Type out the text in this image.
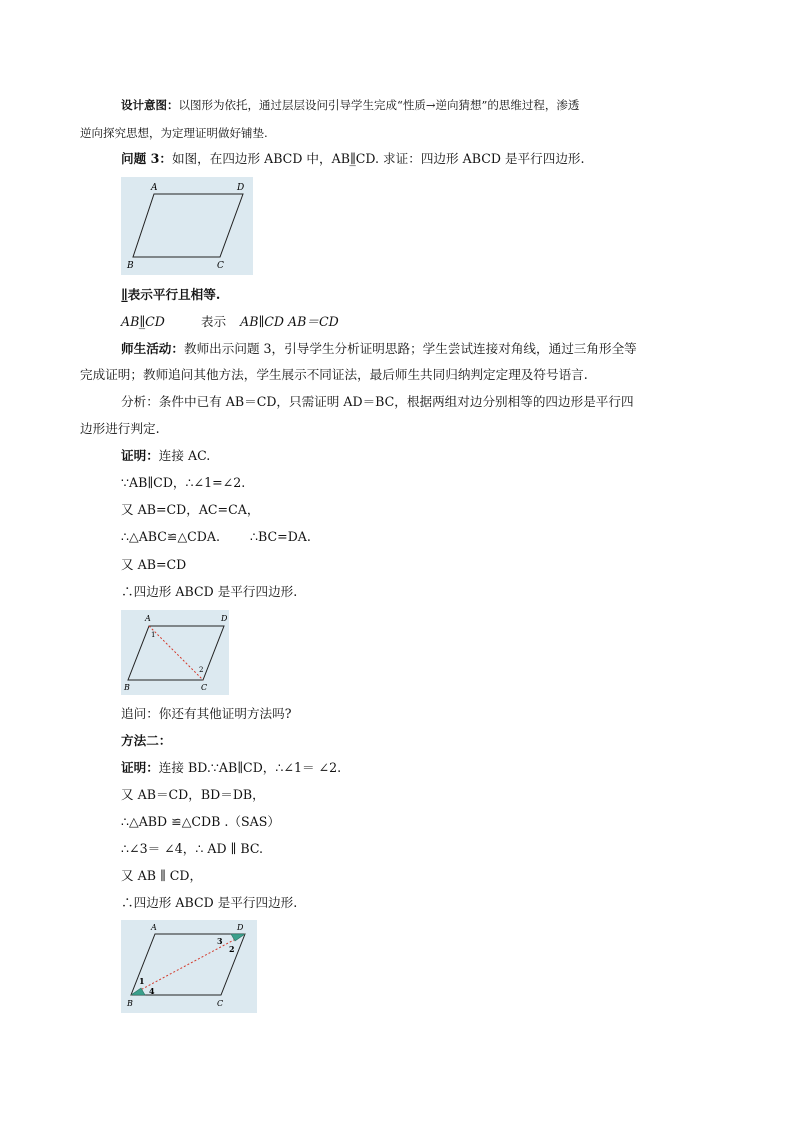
设计意图：以图形为依托，通过层层设问引导学生完成“性质→逆向猜想”的思维过程，渗透
逆向探究思想，为定理证明做好铺垫.
问题 3：如图，在四边形 ABCD 中，AB∥̲CD. 求证：四边形 ABCD 是平行四边形.
A	D
B	C
∥̲表示平行且相等.
AB∥̲CD	表示 AB∥CD AB＝CD
师生活动：教师出示问题 3，引导学生分析证明思路；学生尝试连接对角线，通过三角形全等
完成证明；教师追问其他方法，学生展示不同证法，最后师生共同归纳判定定理及符号语言.
分析：条件中已有 AB＝CD，只需证明 AD＝BC，根据两组对边分别相等的四边形是平行四
边形进行判定.
证明：连接 AC.
∵AB∥CD，∴∠1=∠2.
又 AB=CD，AC=CA，
∴△ABC≌△CDA. ∴BC=DA.
又 AB=CD
∴四边形 ABCD 是平行四边形.
A	D
B	C
1
2
追问：你还有其他证明方法吗?
方法二：
证明：连接 BD.∵AB∥CD，∴∠1＝ ∠2.
又 AB＝CD，BD＝DB，
∴△ABD ≌△CDB .（SAS）
∴∠3＝ ∠4，∴ AD ∥ BC.
又 AB ∥ CD，
∴四边形 ABCD 是平行四边形.
A	D
B	C
1
2
3
4
